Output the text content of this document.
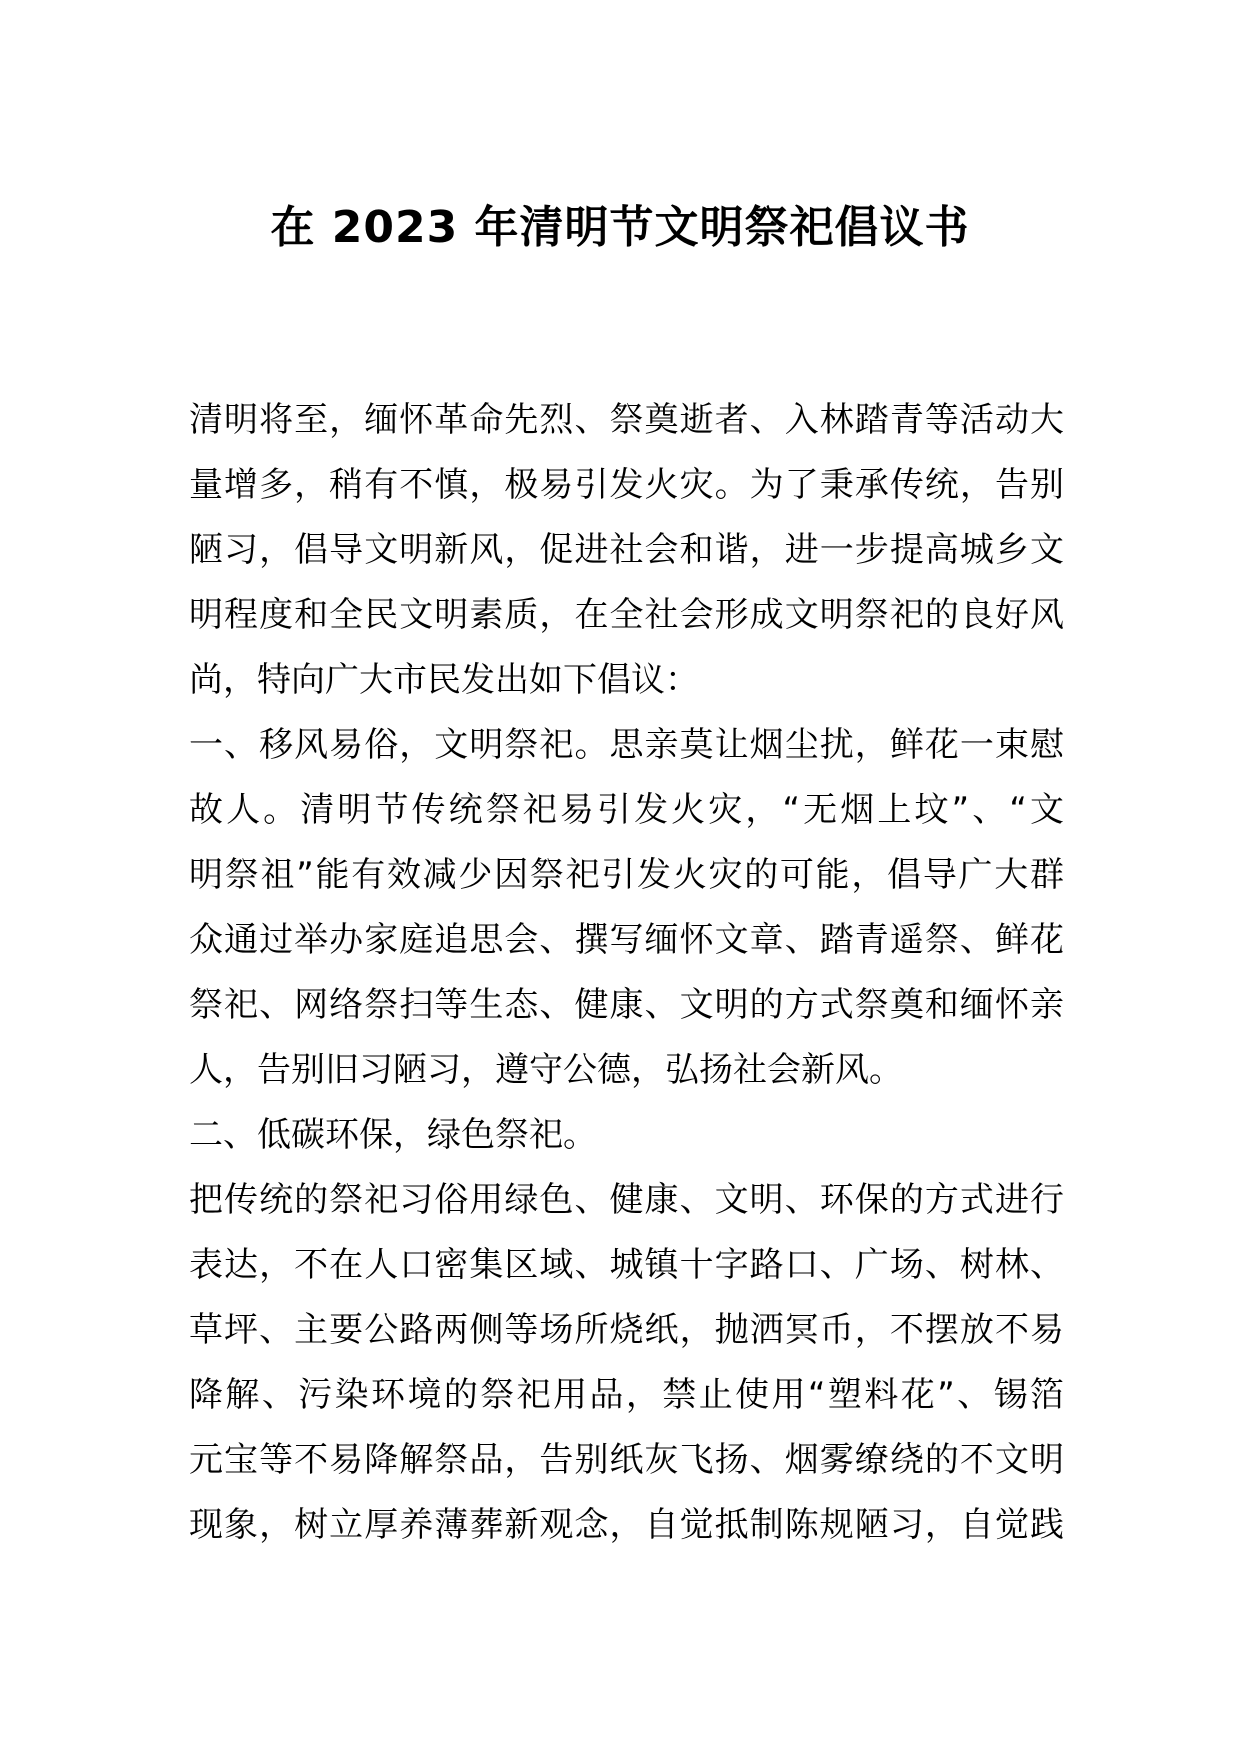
在 2023 年清明节文明祭祀倡议书
清明将至，缅怀革命先烈、祭奠逝者、入林踏青等活动大
量增多，稍有不慎，极易引发火灾。为了秉承传统，告别
陋习，倡导文明新风，促进社会和谐，进一步提高城乡文
明程度和全民文明素质，在全社会形成文明祭祀的良好风
尚，特向广大市民发出如下倡议：
一、移风易俗，文明祭祀。思亲莫让烟尘扰，鲜花一束慰
故人。清明节传统祭祀易引发火灾，“无烟上坟”、“文
明祭祖”能有效减少因祭祀引发火灾的可能，倡导广大群
众通过举办家庭追思会、撰写缅怀文章、踏青遥祭、鲜花
祭祀、网络祭扫等生态、健康、文明的方式祭奠和缅怀亲
人，告别旧习陋习，遵守公德，弘扬社会新风。
二、低碳环保，绿色祭祀。
把传统的祭祀习俗用绿色、健康、文明、环保的方式进行
表达，不在人口密集区域、城镇十字路口、广场、树林、
草坪、主要公路两侧等场所烧纸，抛洒冥币，不摆放不易
降解、污染环境的祭祀用品，禁止使用“塑料花”、锡箔
元宝等不易降解祭品，告别纸灰飞扬、烟雾缭绕的不文明
现象，树立厚养薄葬新观念，自觉抵制陈规陋习，自觉践
